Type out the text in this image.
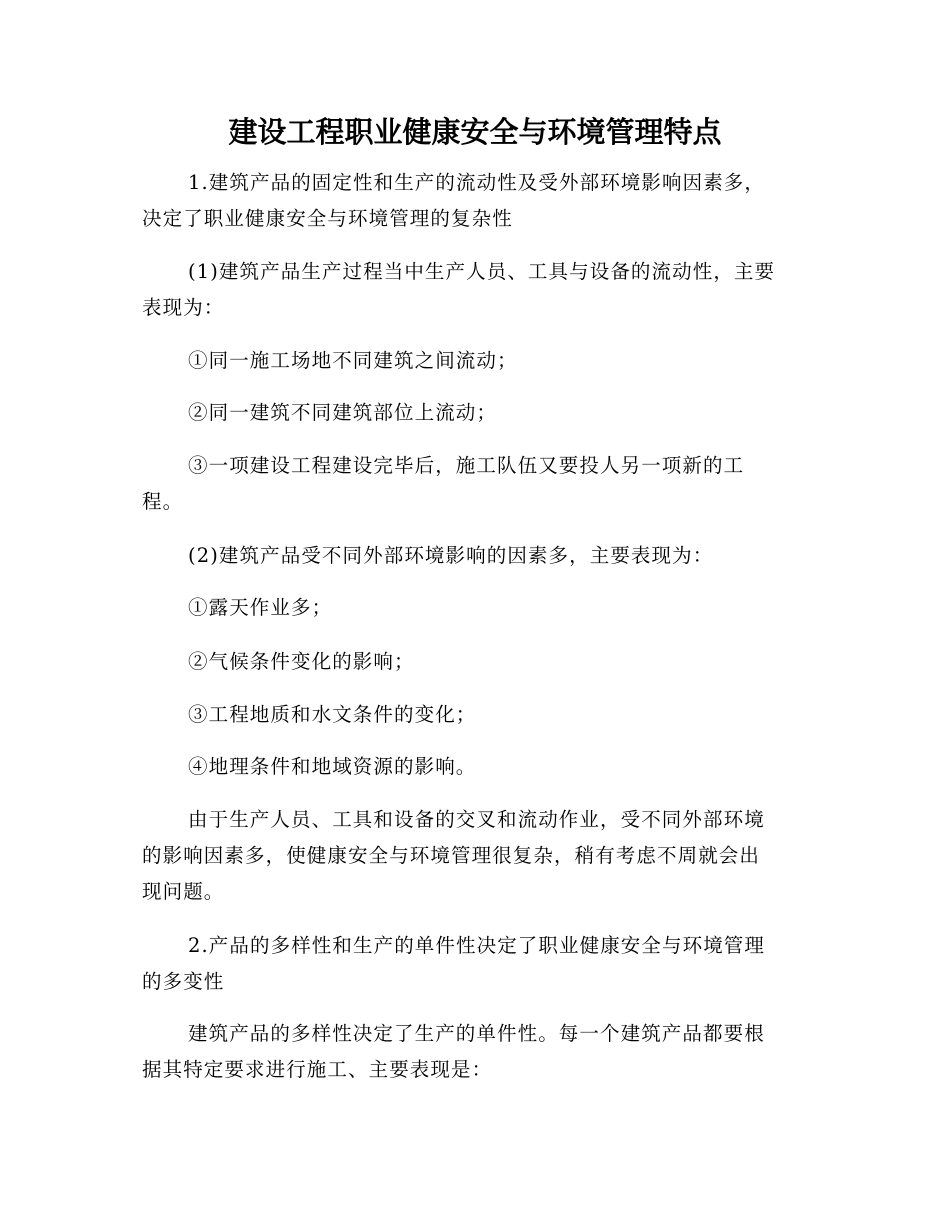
建设工程职业健康安全与环境管理特点

1.建筑产品的固定性和生产的流动性及受外部环境影响因素多，
决定了职业健康安全与环境管理的复杂性

(1)建筑产品生产过程当中生产人员、工具与设备的流动性，主要
表现为：

①同一施工场地不同建筑之间流动；

②同一建筑不同建筑部位上流动；

③一项建设工程建设完毕后，施工队伍又要投人另一项新的工
程。

(2)建筑产品受不同外部环境影响的因素多，主要表现为：

①露天作业多；

②气候条件变化的影响；

③工程地质和水文条件的变化；

④地理条件和地域资源的影响。

由于生产人员、工具和设备的交叉和流动作业，受不同外部环境
的影响因素多，使健康安全与环境管理很复杂，稍有考虑不周就会出
现问题。

2.产品的多样性和生产的单件性决定了职业健康安全与环境管理
的多变性

建筑产品的多样性决定了生产的单件性。每一个建筑产品都要根
据其特定要求进行施工、主要表现是：
